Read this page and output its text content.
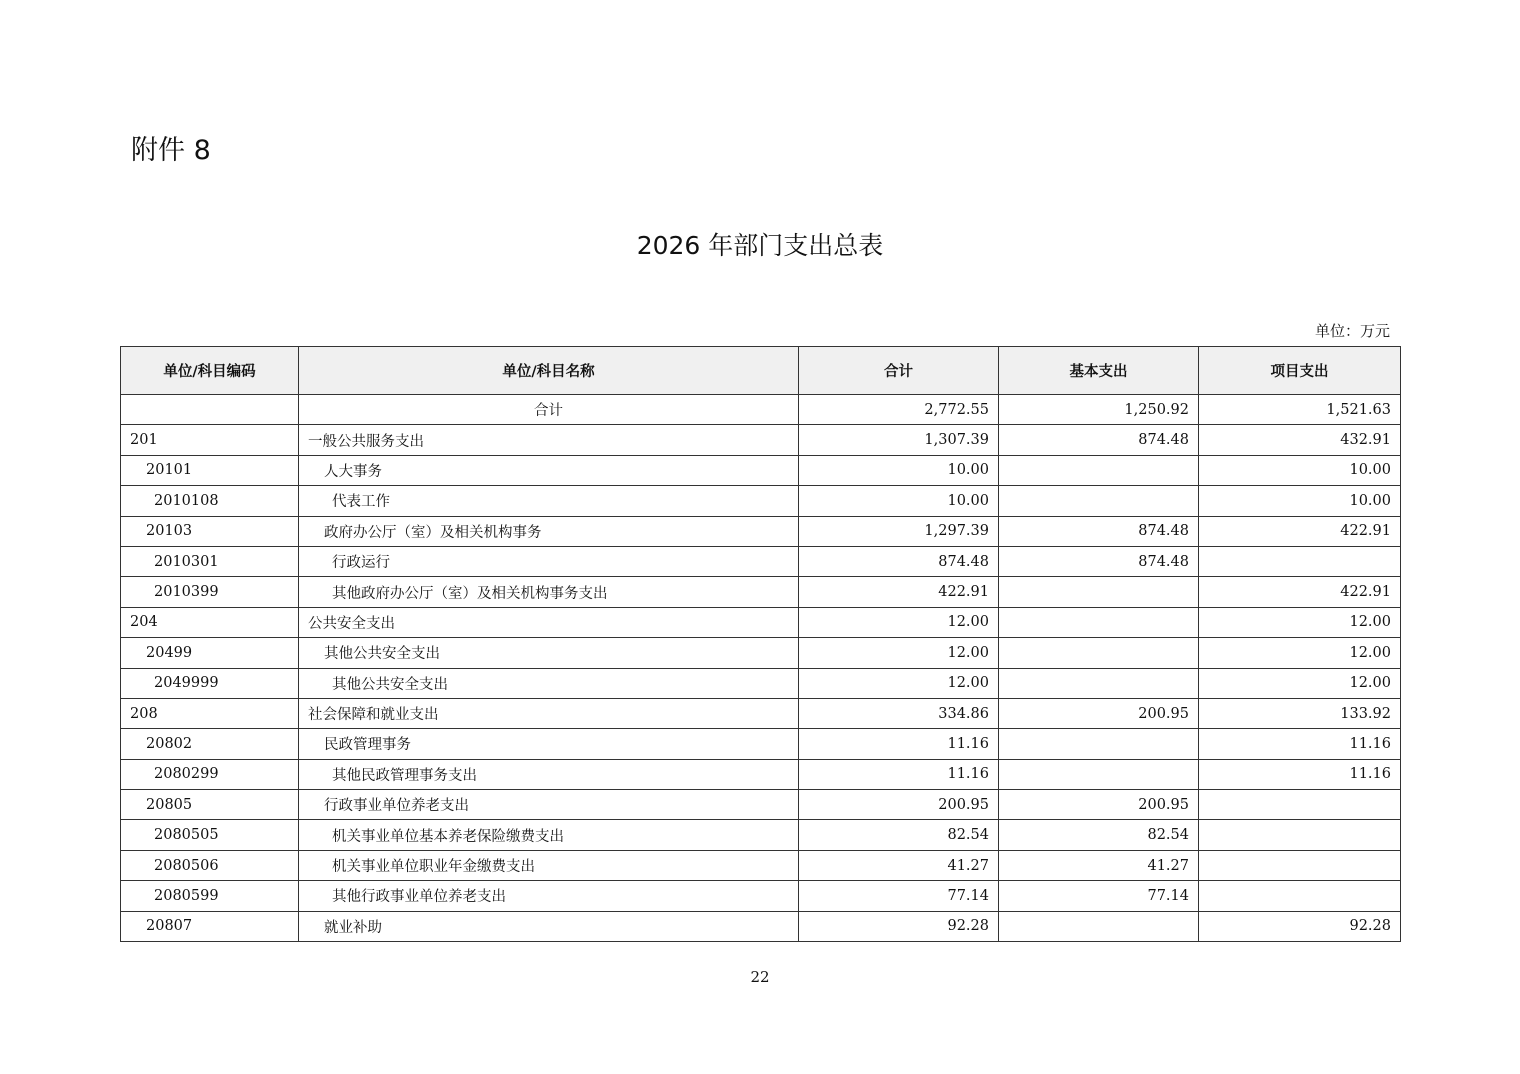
附件 8
2026 年部门支出总表
单位：万元
单位/科目编码	单位/科目名称	合计	基本支出	项目支出
	合计	2,772.55	1,250.92	1,521.63
201	一般公共服务支出	1,307.39	874.48	432.91
20101	人大事务	10.00		10.00
2010108	代表工作	10.00		10.00
20103	政府办公厅（室）及相关机构事务	1,297.39	874.48	422.91
2010301	行政运行	874.48	874.48	
2010399	其他政府办公厅（室）及相关机构事务支出	422.91		422.91
204	公共安全支出	12.00		12.00
20499	其他公共安全支出	12.00		12.00
2049999	其他公共安全支出	12.00		12.00
208	社会保障和就业支出	334.86	200.95	133.92
20802	民政管理事务	11.16		11.16
2080299	其他民政管理事务支出	11.16		11.16
20805	行政事业单位养老支出	200.95	200.95	
2080505	机关事业单位基本养老保险缴费支出	82.54	82.54	
2080506	机关事业单位职业年金缴费支出	41.27	41.27	
2080599	其他行政事业单位养老支出	77.14	77.14	
20807	就业补助	92.28		92.28
22
